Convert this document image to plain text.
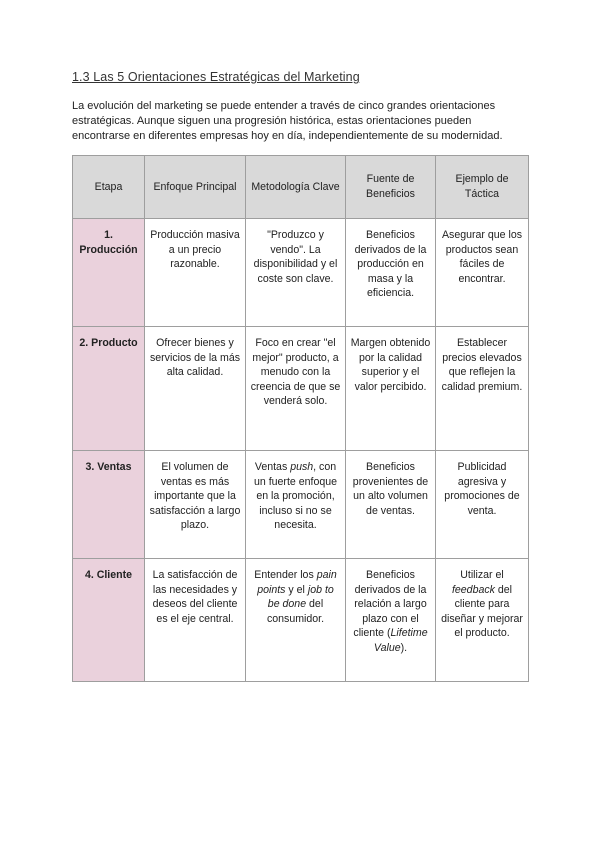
1.3 Las 5 Orientaciones Estratégicas del Marketing
La evolución del marketing se puede entender a través de cinco grandes orientaciones estratégicas. Aunque siguen una progresión histórica, estas orientaciones pueden encontrarse en diferentes empresas hoy en día, independientemente de su modernidad.
Etapa	Enfoque Principal	Metodología Clave	Fuente de Beneficios	Ejemplo de Táctica
1. Producción	Producción masiva a un precio razonable.	"Produzco y vendo". La disponibilidad y el coste son clave.	Beneficios derivados de la producción en masa y la eficiencia.	Asegurar que los productos sean fáciles de encontrar.
2. Producto	Ofrecer bienes y servicios de la más alta calidad.	Foco en crear "el mejor" producto, a menudo con la creencia de que se venderá solo.	Margen obtenido por la calidad superior y el valor percibido.	Establecer precios elevados que reflejen la calidad premium.
3. Ventas	El volumen de ventas es más importante que la satisfacción a largo plazo.	Ventas push, con un fuerte enfoque en la promoción, incluso si no se necesita.	Beneficios provenientes de un alto volumen de ventas.	Publicidad agresiva y promociones de venta.
4. Cliente	La satisfacción de las necesidades y deseos del cliente es el eje central.	Entender los pain points y el job to be done del consumidor.	Beneficios derivados de la relación a largo plazo con el cliente (Lifetime Value).	Utilizar el feedback del cliente para diseñar y mejorar el producto.
